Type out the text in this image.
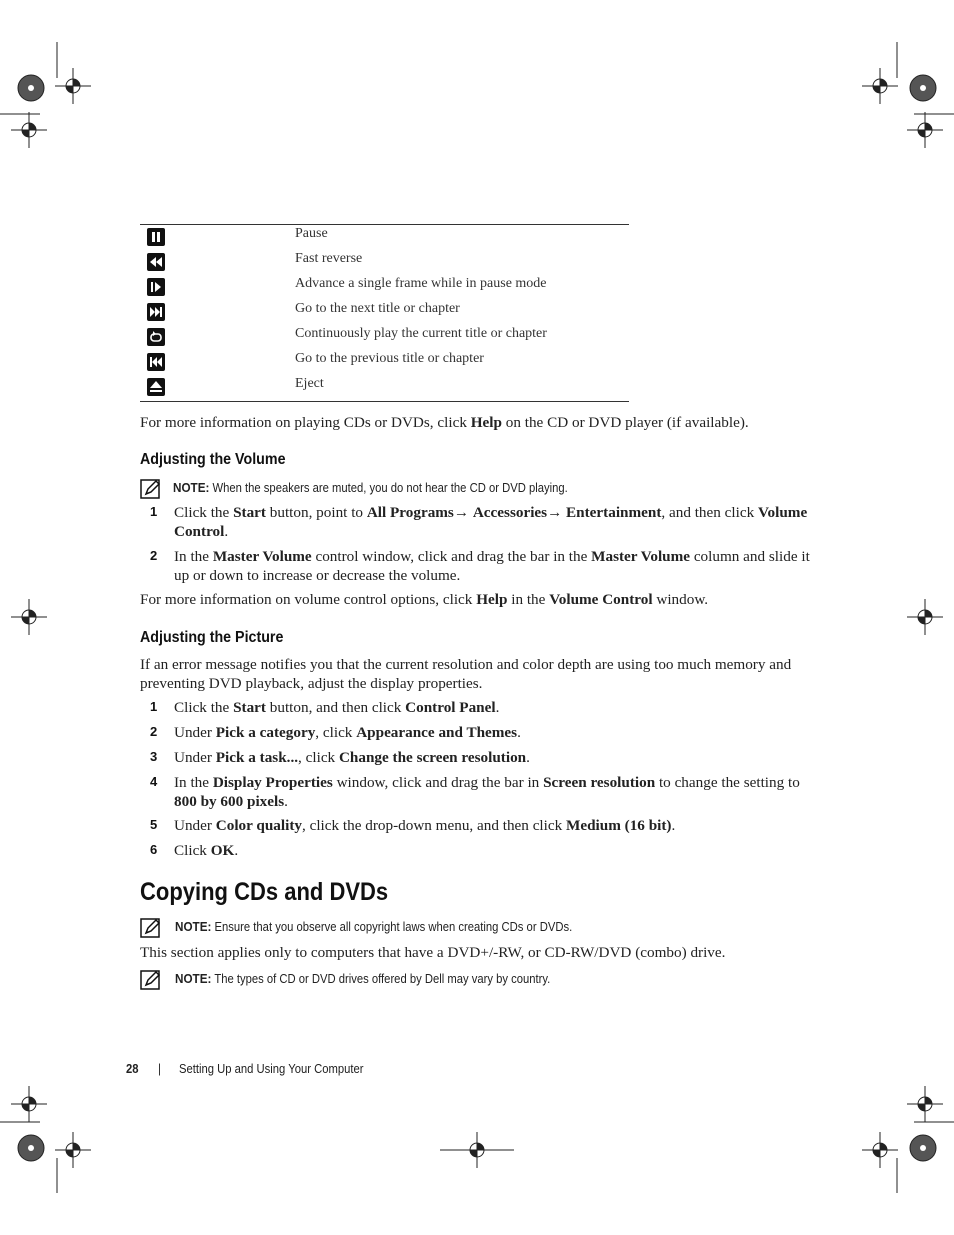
Pause
Fast reverse
Advance a single frame while in pause mode
Go to the next title or chapter
Continuously play the current title or chapter
Go to the previous title or chapter
Eject
For more information on playing CDs or DVDs, click Help on the CD or DVD player (if available).
Adjusting the Volume
NOTE: When the speakers are muted, you do not hear the CD or DVD playing.
1 Click the Start button, point to All Programs→ Accessories→ Entertainment, and then click Volume Control.
2 In the Master Volume control window, click and drag the bar in the Master Volume column and slide it up or down to increase or decrease the volume.
For more information on volume control options, click Help in the Volume Control window.
Adjusting the Picture
If an error message notifies you that the current resolution and color depth are using too much memory and preventing DVD playback, adjust the display properties.
1 Click the Start button, and then click Control Panel.
2 Under Pick a category, click Appearance and Themes.
3 Under Pick a task..., click Change the screen resolution.
4 In the Display Properties window, click and drag the bar in Screen resolution to change the setting to 800 by 600 pixels.
5 Under Color quality, click the drop-down menu, and then click Medium (16 bit).
6 Click OK.
Copying CDs and DVDs
NOTE: Ensure that you observe all copyright laws when creating CDs or DVDs.
This section applies only to computers that have a DVD+/-RW, or CD-RW/DVD (combo) drive.
NOTE: The types of CD or DVD drives offered by Dell may vary by country.
28 | Setting Up and Using Your Computer
